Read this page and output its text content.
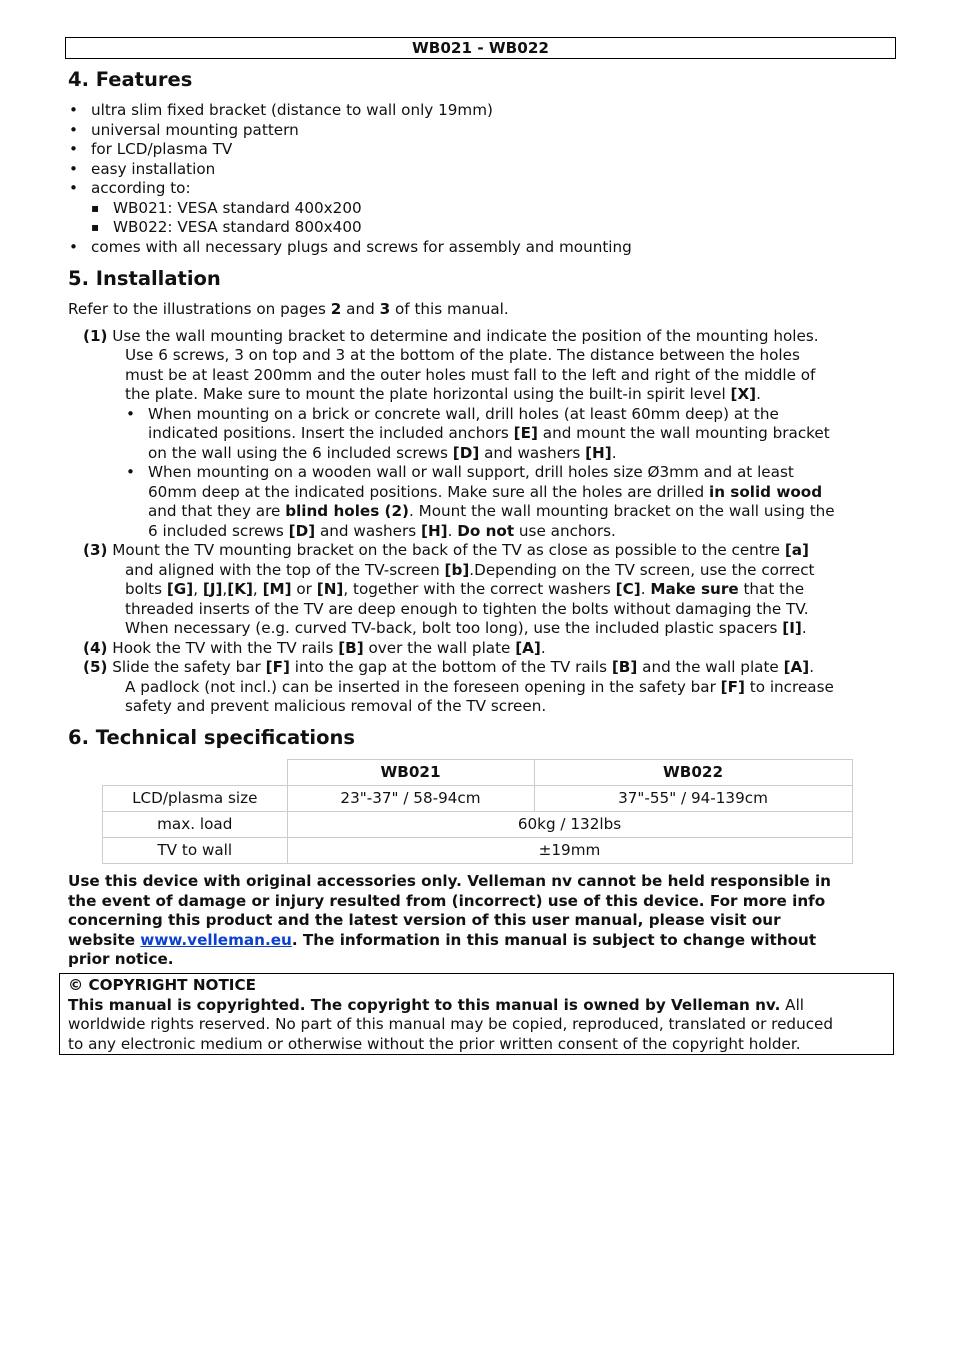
WB021 - WB022
4. Features
• ultra slim fixed bracket (distance to wall only 19mm)
• universal mounting pattern
• for LCD/plasma TV
• easy installation
• according to:
▪ WB021: VESA standard 400x200
▪ WB022: VESA standard 800x400
• comes with all necessary plugs and screws for assembly and mounting
5. Installation
Refer to the illustrations on pages 2 and 3 of this manual.
(1) Use the wall mounting bracket to determine and indicate the position of the mounting holes.
Use 6 screws, 3 on top and 3 at the bottom of the plate. The distance between the holes
must be at least 200mm and the outer holes must fall to the left and right of the middle of
the plate. Make sure to mount the plate horizontal using the built-in spirit level [X].
• When mounting on a brick or concrete wall, drill holes (at least 60mm deep) at the
indicated positions. Insert the included anchors [E] and mount the wall mounting bracket
on the wall using the 6 included screws [D] and washers [H].
• When mounting on a wooden wall or wall support, drill holes size Ø3mm and at least
60mm deep at the indicated positions. Make sure all the holes are drilled in solid wood
and that they are blind holes (2). Mount the wall mounting bracket on the wall using the
6 included screws [D] and washers [H]. Do not use anchors.
(3) Mount the TV mounting bracket on the back of the TV as close as possible to the centre [a]
and aligned with the top of the TV-screen [b].Depending on the TV screen, use the correct
bolts [G], [J],[K], [M] or [N], together with the correct washers [C]. Make sure that the
threaded inserts of the TV are deep enough to tighten the bolts without damaging the TV.
When necessary (e.g. curved TV-back, bolt too long), use the included plastic spacers [I].
(4) Hook the TV with the TV rails [B] over the wall plate [A].
(5) Slide the safety bar [F] into the gap at the bottom of the TV rails [B] and the wall plate [A].
A padlock (not incl.) can be inserted in the foreseen opening in the safety bar [F] to increase
safety and prevent malicious removal of the TV screen.
6. Technical specifications
	WB021	WB022
LCD/plasma size	23"-37" / 58-94cm	37"-55" / 94-139cm
max. load	60kg / 132lbs	
TV to wall	±19mm	
Use this device with original accessories only. Velleman nv cannot be held responsible in
the event of damage or injury resulted from (incorrect) use of this device. For more info
concerning this product and the latest version of this user manual, please visit our
website www.velleman.eu. The information in this manual is subject to change without
prior notice.
© COPYRIGHT NOTICE
This manual is copyrighted. The copyright to this manual is owned by Velleman nv. All
worldwide rights reserved. No part of this manual may be copied, reproduced, translated or reduced
to any electronic medium or otherwise without the prior written consent of the copyright holder.
